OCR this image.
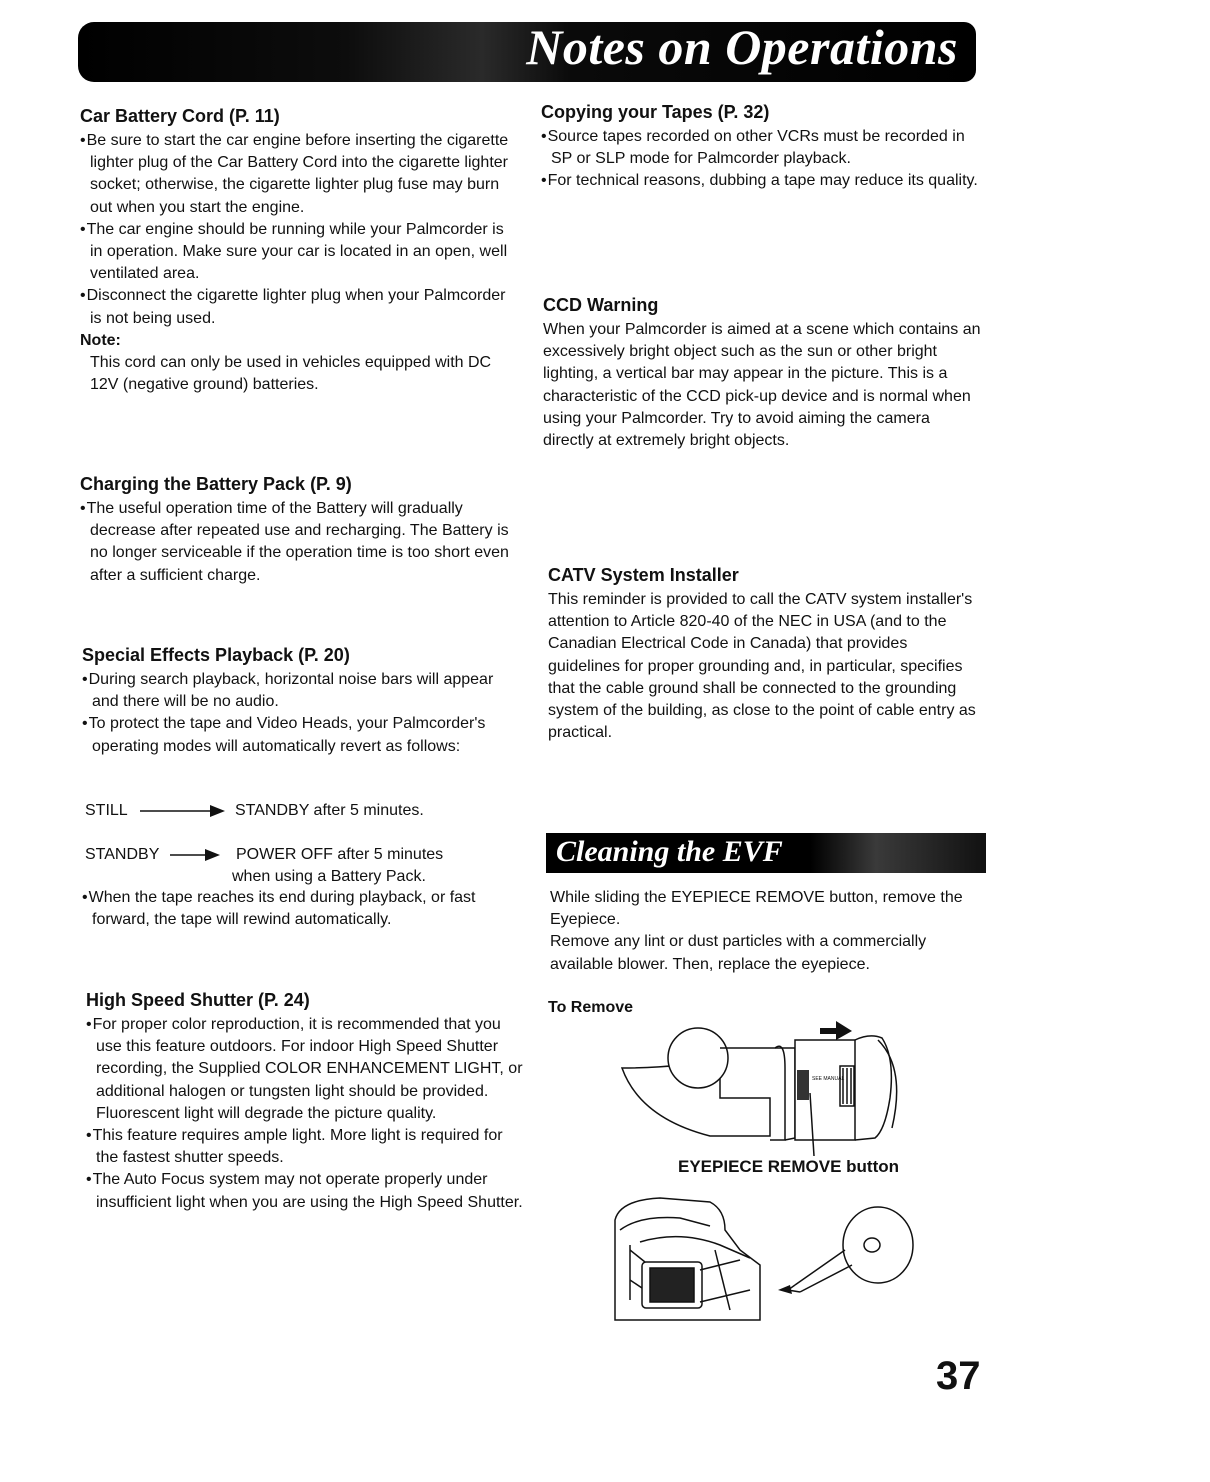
Notes on Operations
Car Battery Cord (P. 11)
• Be sure to start the car engine before inserting the cigarette lighter plug of the Car Battery Cord into the cigarette lighter socket; otherwise, the cigarette lighter plug fuse may burn out when you start the engine.
• The car engine should be running while your Palmcorder is in operation. Make sure your car is located in an open, well ventilated area.
• Disconnect the cigarette lighter plug when your Palmcorder is not being used.
Note:
This cord can only be used in vehicles equipped with DC 12V (negative ground) batteries.
Charging the Battery Pack (P. 9)
• The useful operation time of the Battery will gradually decrease after repeated use and recharging. The Battery is no longer serviceable if the operation time is too short even after a sufficient charge.
Special Effects Playback (P. 20)
• During search playback, horizontal noise bars will appear and there will be no audio.
• To protect the tape and Video Heads, your Palmcorder's operating modes will automatically revert as follows:
STILL	STANDBY after 5 minutes.
STANDBY	POWER OFF after 5 minutes
when using a Battery Pack.
• When the tape reaches its end during playback, or fast forward, the tape will rewind automatically.
High Speed Shutter (P. 24)
• For proper color reproduction, it is recommended that you use this feature outdoors. For indoor High Speed Shutter recording, the Supplied COLOR ENHANCEMENT LIGHT, or additional halogen or tungsten light should be provided. Fluorescent light will degrade the picture quality.
• This feature requires ample light. More light is required for the fastest shutter speeds.
• The Auto Focus system may not operate properly under insufficient light when you are using the High Speed Shutter.
Copying your Tapes (P. 32)
• Source tapes recorded on other VCRs must be recorded in SP or SLP mode for Palmcorder playback.
• For technical reasons, dubbing a tape may reduce its quality.
CCD Warning
When your Palmcorder is aimed at a scene which contains an excessively bright object such as the sun or other bright lighting, a vertical bar may appear in the picture. This is a characteristic of the CCD pick-up device and is normal when using your Palmcorder. Try to avoid aiming the camera directly at extremely bright objects.
CATV System Installer
This reminder is provided to call the CATV system installer's attention to Article 820-40 of the NEC in USA (and to the Canadian Electrical Code in Canada) that provides guidelines for proper grounding and, in particular, specifies that the cable ground shall be connected to the grounding system of the building, as close to the point of cable entry as practical.
Cleaning the EVF
While sliding the EYEPIECE REMOVE button, remove the Eyepiece.
Remove any lint or dust particles with a commercially available blower. Then, replace the eyepiece.
To Remove
SEE MANUAL
EYEPIECE REMOVE button
37
